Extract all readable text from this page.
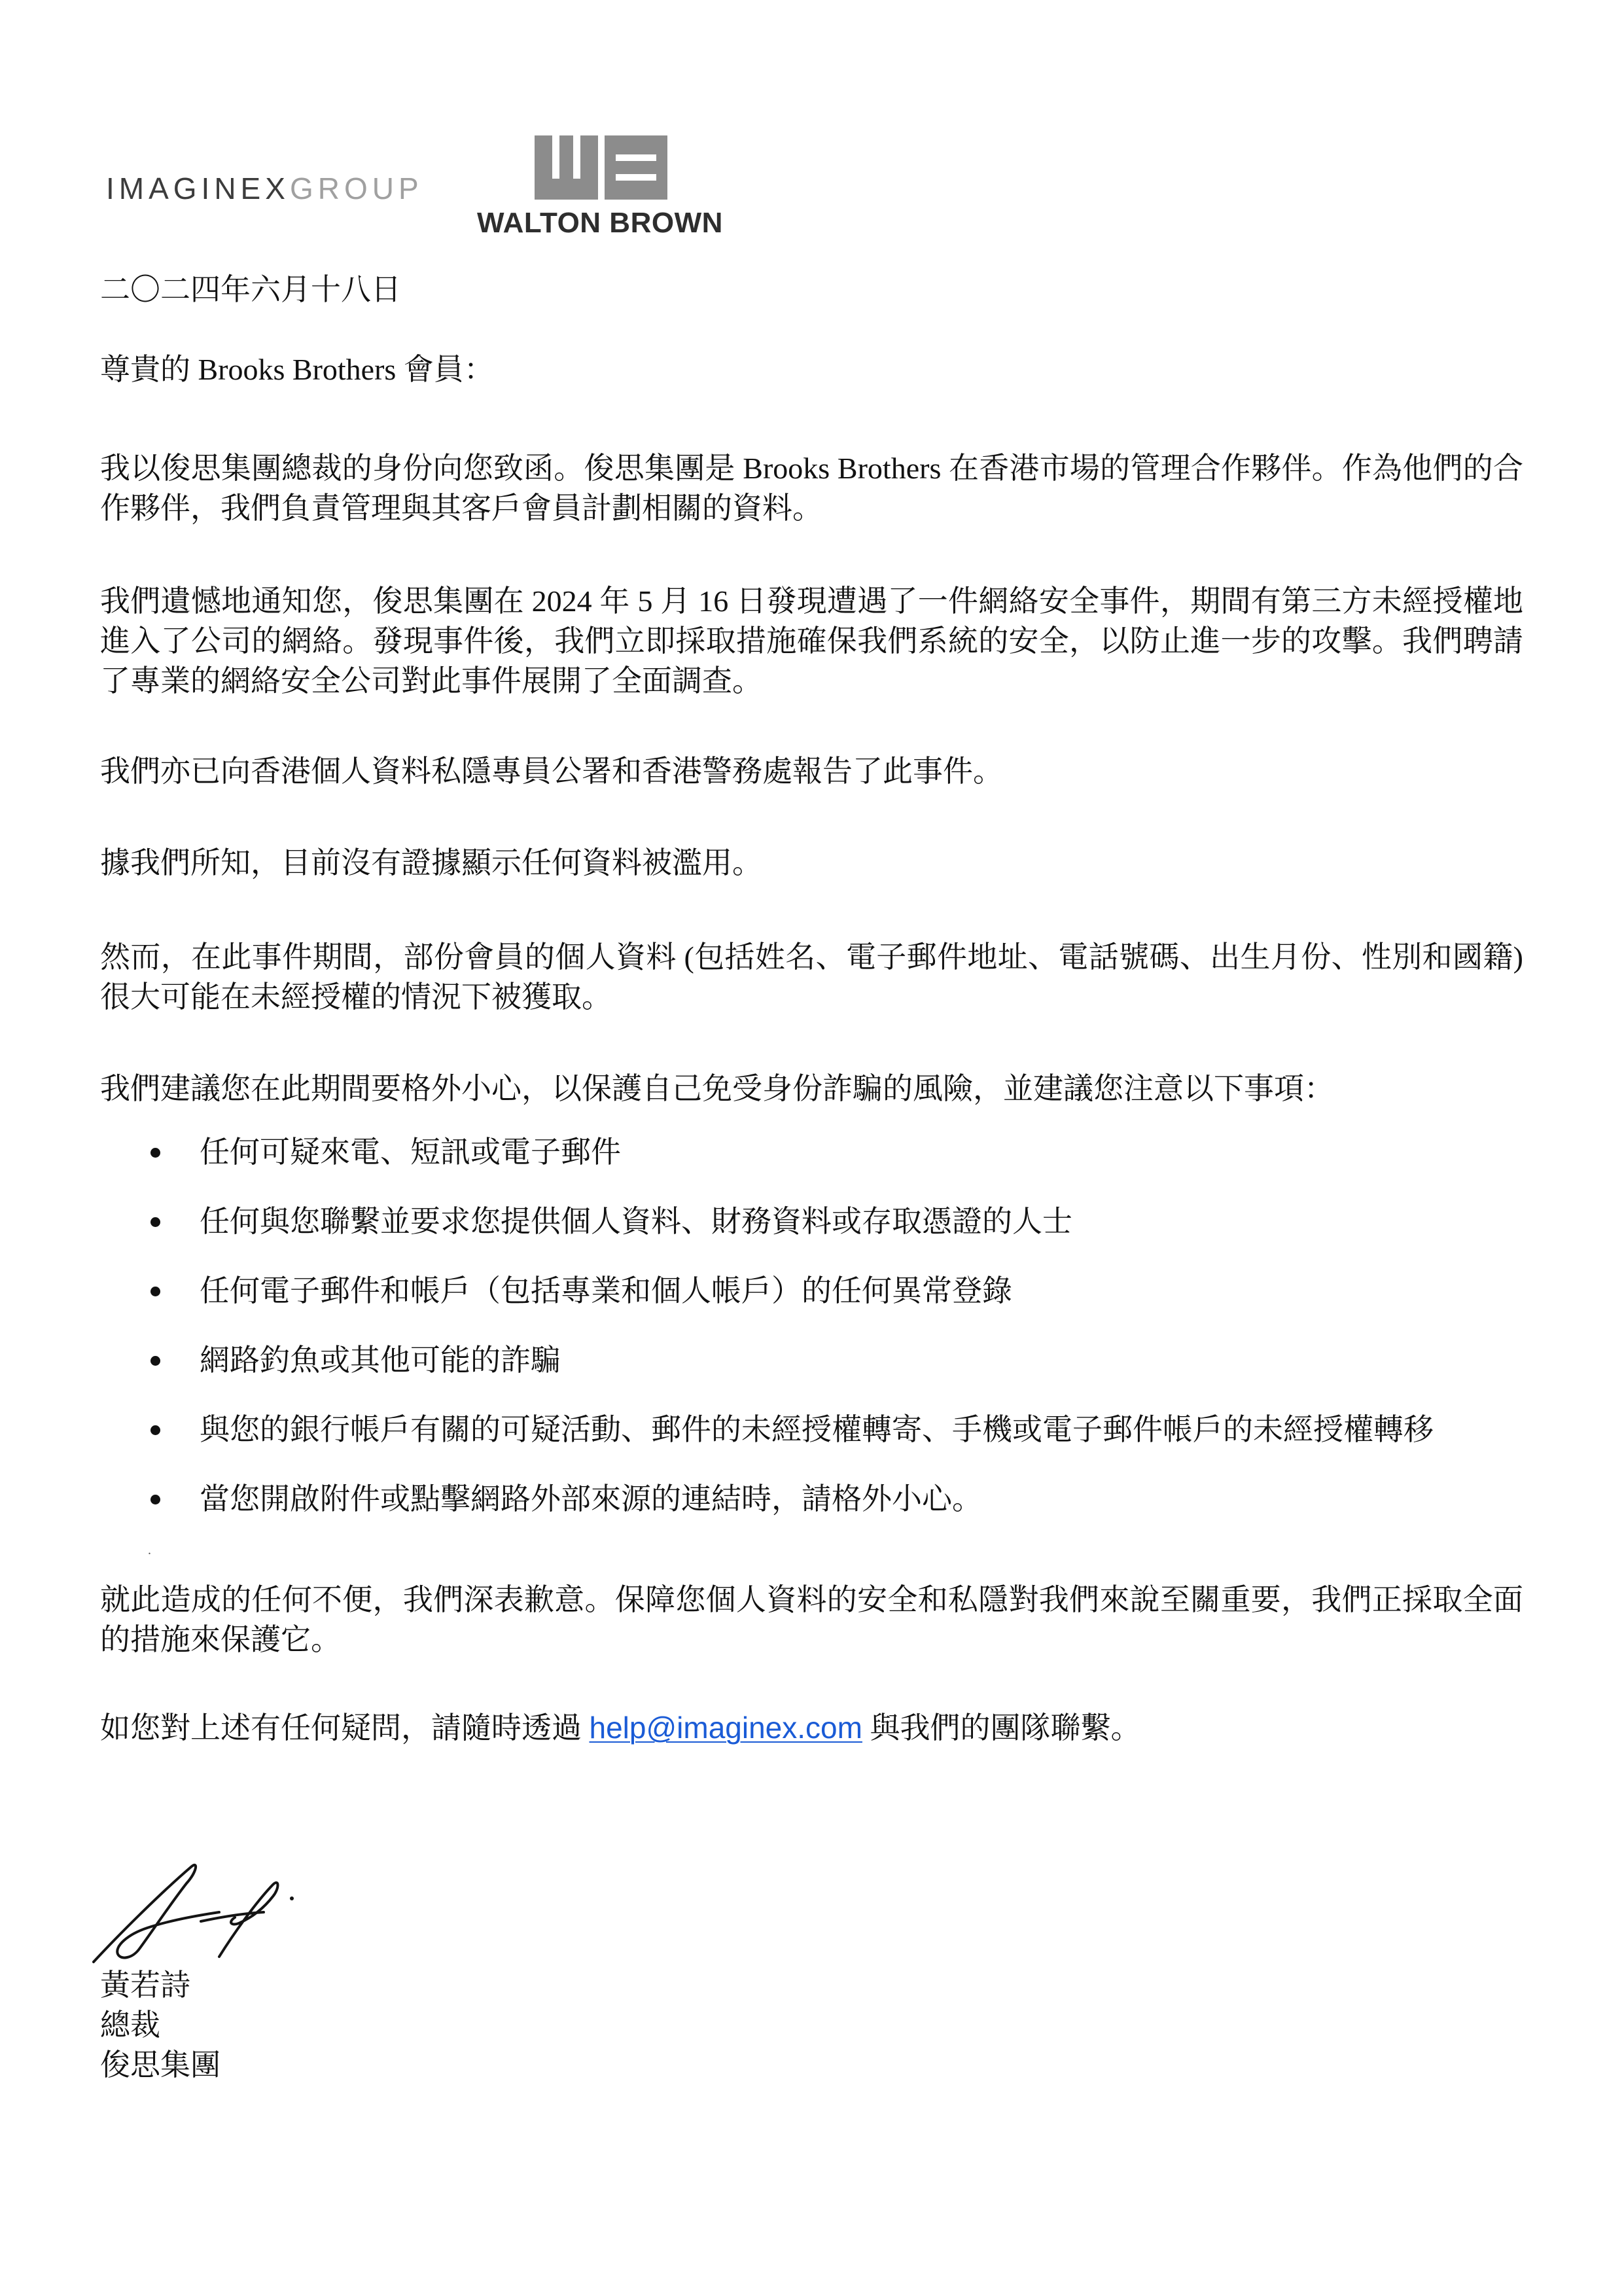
IMAGINEXGROUP
WALTON BROWN

二〇二四年六月十八日

尊貴的 Brooks Brothers 會員：

我以俊思集團總裁的身份向您致函。俊思集團是 Brooks Brothers 在香港市場的管理合作夥伴。作為他們的合作夥伴，我們負責管理與其客戶會員計劃相關的資料。

我們遺憾地通知您，俊思集團在 2024 年 5 月 16 日發現遭遇了一件網絡安全事件，期間有第三方未經授權地進入了公司的網絡。發現事件後，我們立即採取措施確保我們系統的安全，以防止進一步的攻擊。我們聘請了專業的網絡安全公司對此事件展開了全面調查。

我們亦已向香港個人資料私隱專員公署和香港警務處報告了此事件。

據我們所知，目前沒有證據顯示任何資料被濫用。

然而，在此事件期間，部份會員的個人資料 (包括姓名、電子郵件地址、電話號碼、出生月份、性別和國籍) 很大可能在未經授權的情況下被獲取。

我們建議您在此期間要格外小心，以保護自己免受身份詐騙的風險，並建議您注意以下事項：

任何可疑來電、短訊或電子郵件
任何與您聯繫並要求您提供個人資料、財務資料或存取憑證的人士
任何電子郵件和帳戶（包括專業和個人帳戶）的任何異常登錄
網路釣魚或其他可能的詐騙
與您的銀行帳戶有關的可疑活動、郵件的未經授權轉寄、手機或電子郵件帳戶的未經授權轉移
當您開啟附件或點擊網路外部來源的連結時，請格外小心。
.

就此造成的任何不便，我們深表歉意。保障您個人資料的安全和私隱對我們來說至關重要，我們正採取全面的措施來保護它。

如您對上述有任何疑問，請隨時透過 help@imaginex.com 與我們的團隊聯繫。

黃若詩

總裁

俊思集團
